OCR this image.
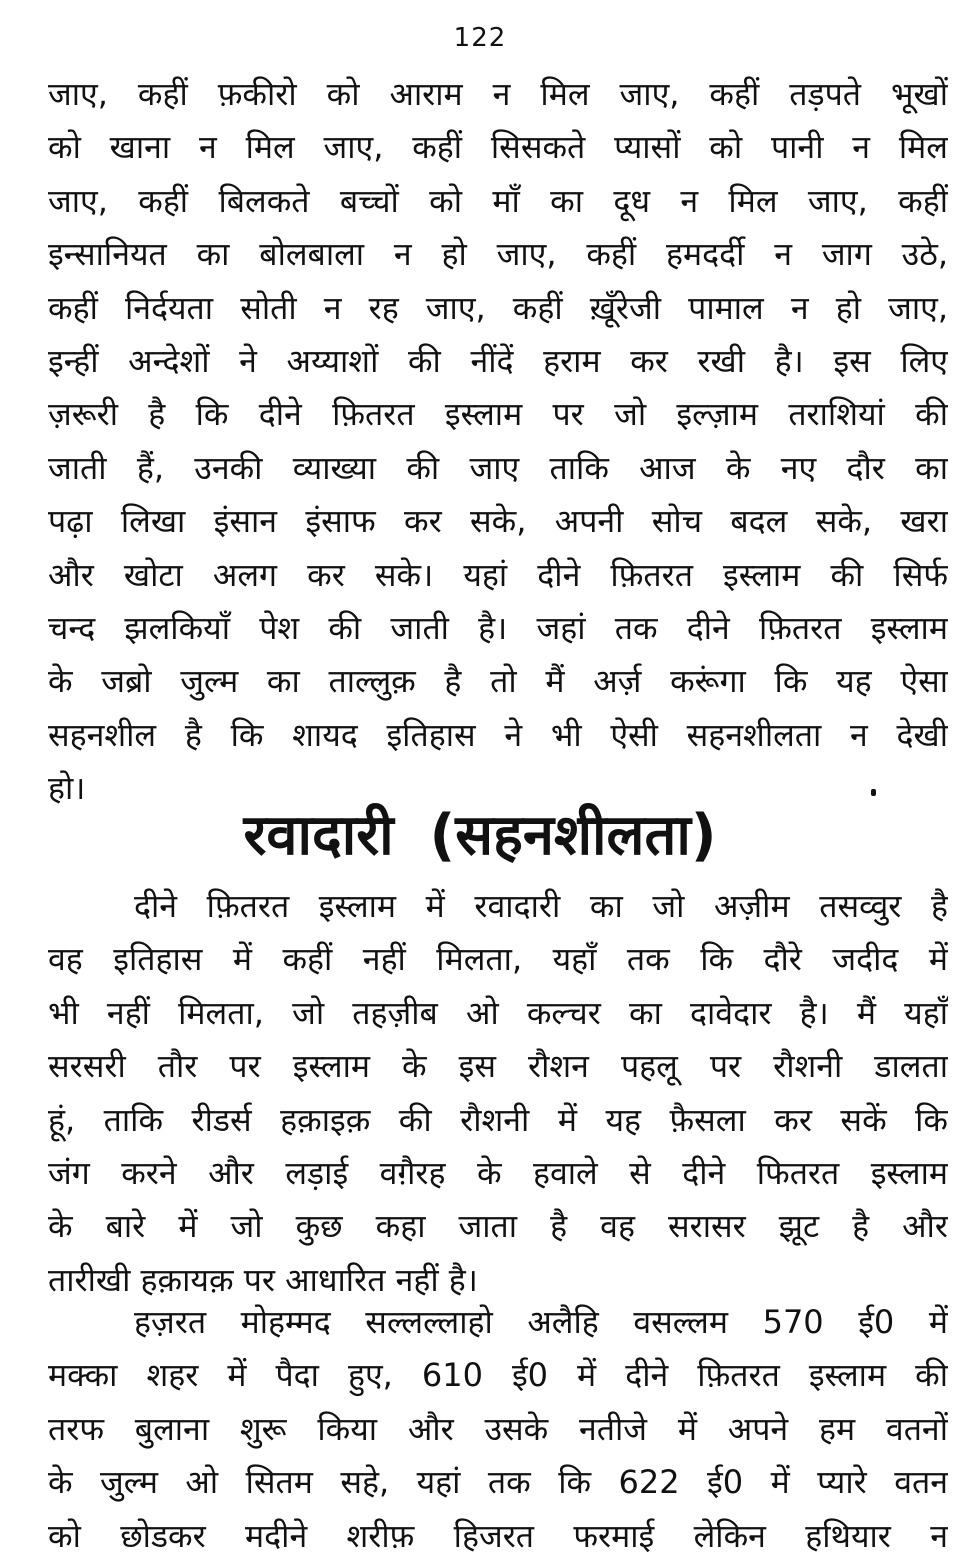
122
जाए, कहीं फ़कीरो को आराम न मिल जाए, कहीं तड़पते भूखों
को खाना न मिल जाए, कहीं सिसकते प्यासों को पानी न मिल
जाए, कहीं बिलकते बच्चों को माँ का दूध न मिल जाए, कहीं
इन्सानियत का बोलबाला न हो जाए, कहीं हमदर्दी न जाग उठे,
कहीं निर्दयता सोती न रह जाए, कहीं ख़ूँरेजी पामाल न हो जाए,
इन्हीं अन्देशों ने अय्याशों की नींदें हराम कर रखी है। इस लिए
ज़रूरी है कि दीने फ़ितरत इस्लाम पर जो इल्ज़ाम तराशियां की
जाती हैं, उनकी व्याख्या की जाए ताकि आज के नए दौर का
पढ़ा लिखा इंसान इंसाफ कर सके, अपनी सोच बदल सके, खरा
और खोटा अलग कर सके। यहां दीने फ़ितरत इस्लाम की सिर्फ
चन्द झलकियाँ पेश की जाती है। जहां तक दीने फ़ितरत इस्लाम
के जब्रो जुल्म का ताल्लुक़ है तो मैं अर्ज़ करूंगा कि यह ऐसा
सहनशील है कि शायद इतिहास ने भी ऐसी सहनशीलता न देखी
हो।
रवादारी (सहनशीलता)
दीने फ़ितरत इस्लाम में रवादारी का जो अज़ीम तसव्वुर है
वह इतिहास में कहीं नहीं मिलता, यहाँ तक कि दौरे जदीद में
भी नहीं मिलता, जो तहज़ीब ओ कल्चर का दावेदार है। मैं यहाँ
सरसरी तौर पर इस्लाम के इस रौशन पहलू पर रौशनी डालता
हूं, ताकि रीडर्स हक़ाइक़ की रौशनी में यह फ़ैसला कर सकें कि
जंग करने और लड़ाई वग़ैरह के हवाले से दीने फितरत इस्लाम
के बारे में जो कुछ कहा जाता है वह सरासर झूट है और
तारीखी हक़ायक़ पर आधारित नहीं है।
हज़रत मोहम्मद सल्लल्लाहो अलैहि वसल्लम 570 ई0 में
मक्का शहर में पैदा हुए, 610 ई0 में दीने फ़ितरत इस्लाम की
तरफ बुलाना शुरू किया और उसके नतीजे में अपने हम वतनों
के जुल्म ओ सितम सहे, यहां तक कि 622 ई0 में प्यारे वतन
को छोडकर मदीने शरीफ़ हिजरत फरमाई लेकिन हथियार न
